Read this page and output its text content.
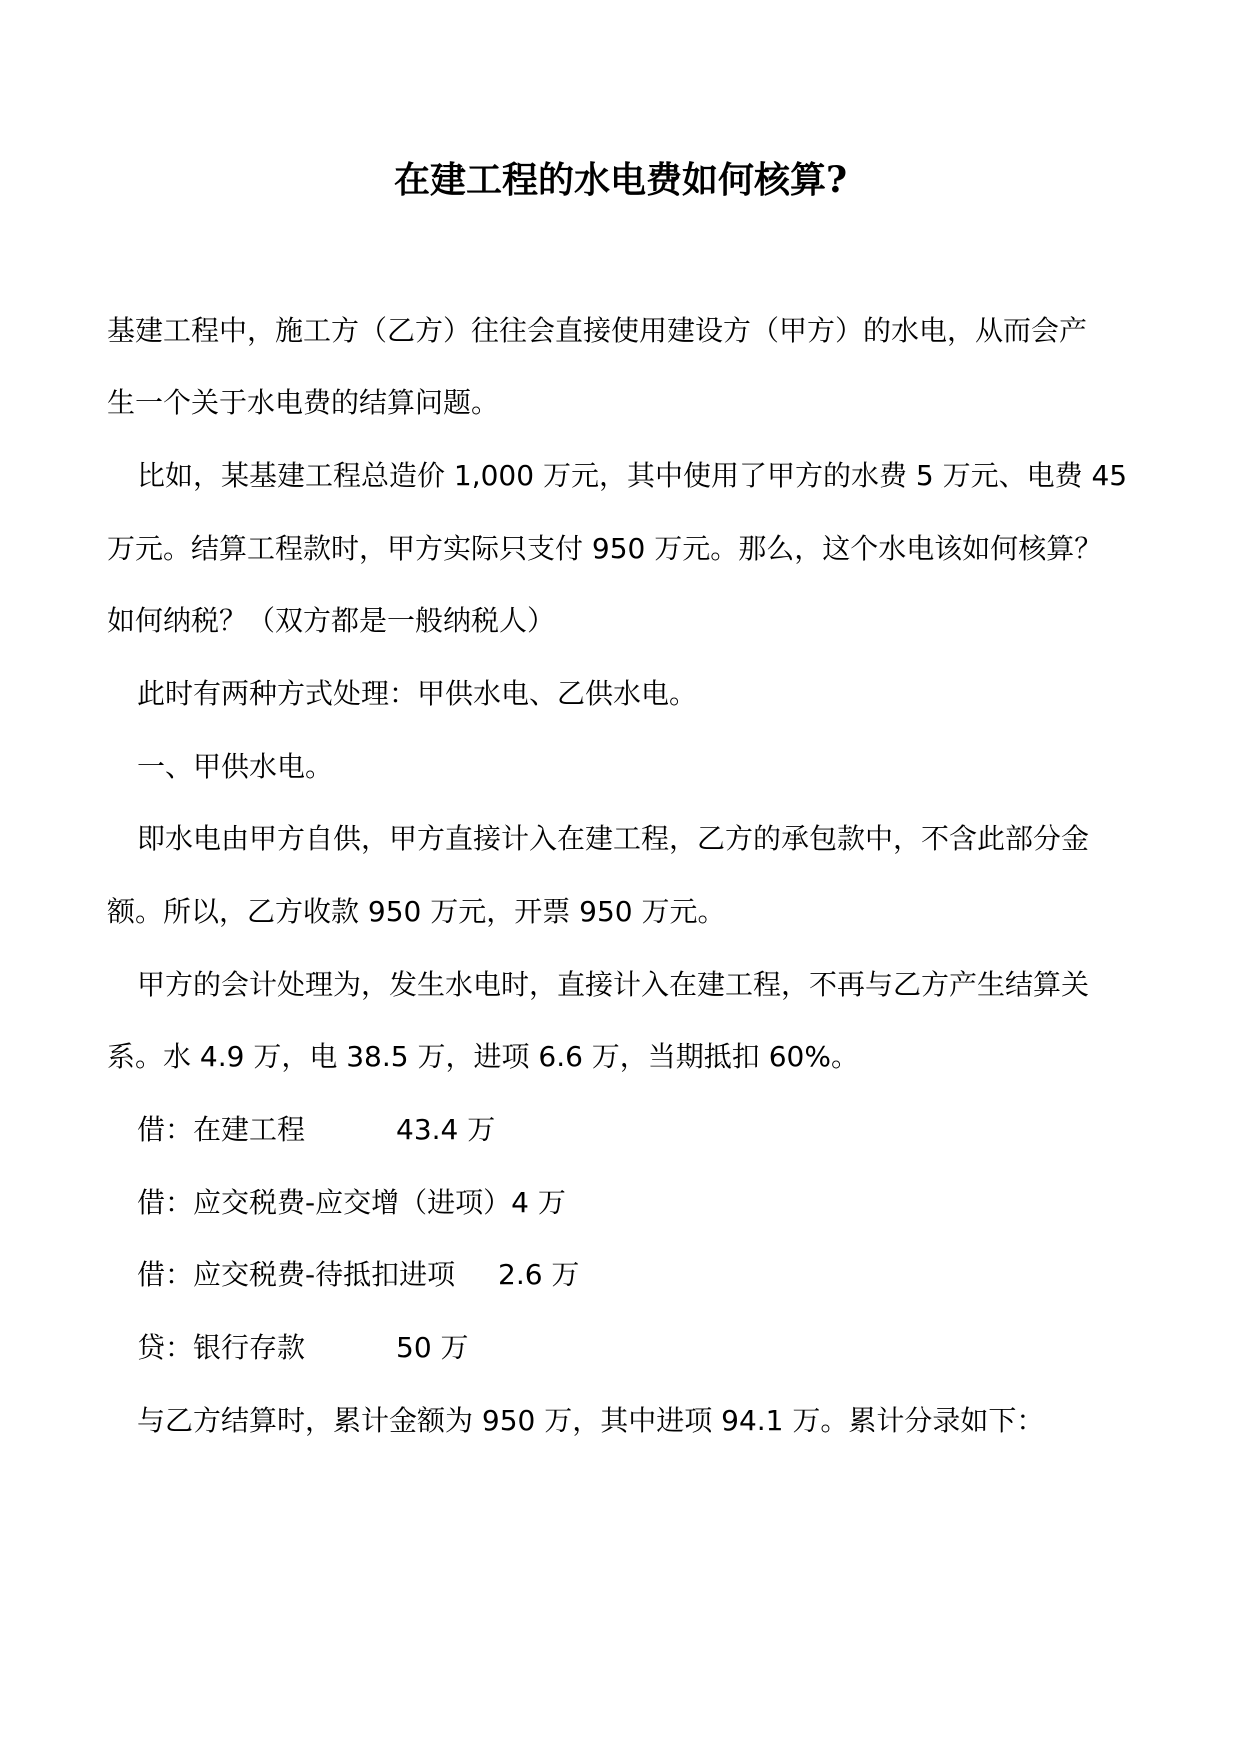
在建工程的水电费如何核算?

基建工程中，施工方（乙方）往往会直接使用建设方（甲方）的水电，从而会产

生一个关于水电费的结算问题。

比如，某基建工程总造价 1,000 万元，其中使用了甲方的水费 5 万元、电费 45

万元。结算工程款时，甲方实际只支付 950 万元。那么，这个水电该如何核算？

如何纳税？（双方都是一般纳税人）

此时有两种方式处理：甲供水电、乙供水电。

一、甲供水电。

即水电由甲方自供，甲方直接计入在建工程，乙方的承包款中，不含此部分金

额。所以，乙方收款 950 万元，开票 950 万元。

甲方的会计处理为，发生水电时，直接计入在建工程，不再与乙方产生结算关

系。水 4.9 万，电 38.5 万，进项 6.6 万，当期抵扣 60%。

借：在建工程	43.4 万

借：应交税费-应交增（进项）4 万

借：应交税费-待抵扣进项	2.6 万

贷：银行存款	50 万

与乙方结算时，累计金额为 950 万，其中进项 94.1 万。累计分录如下：
